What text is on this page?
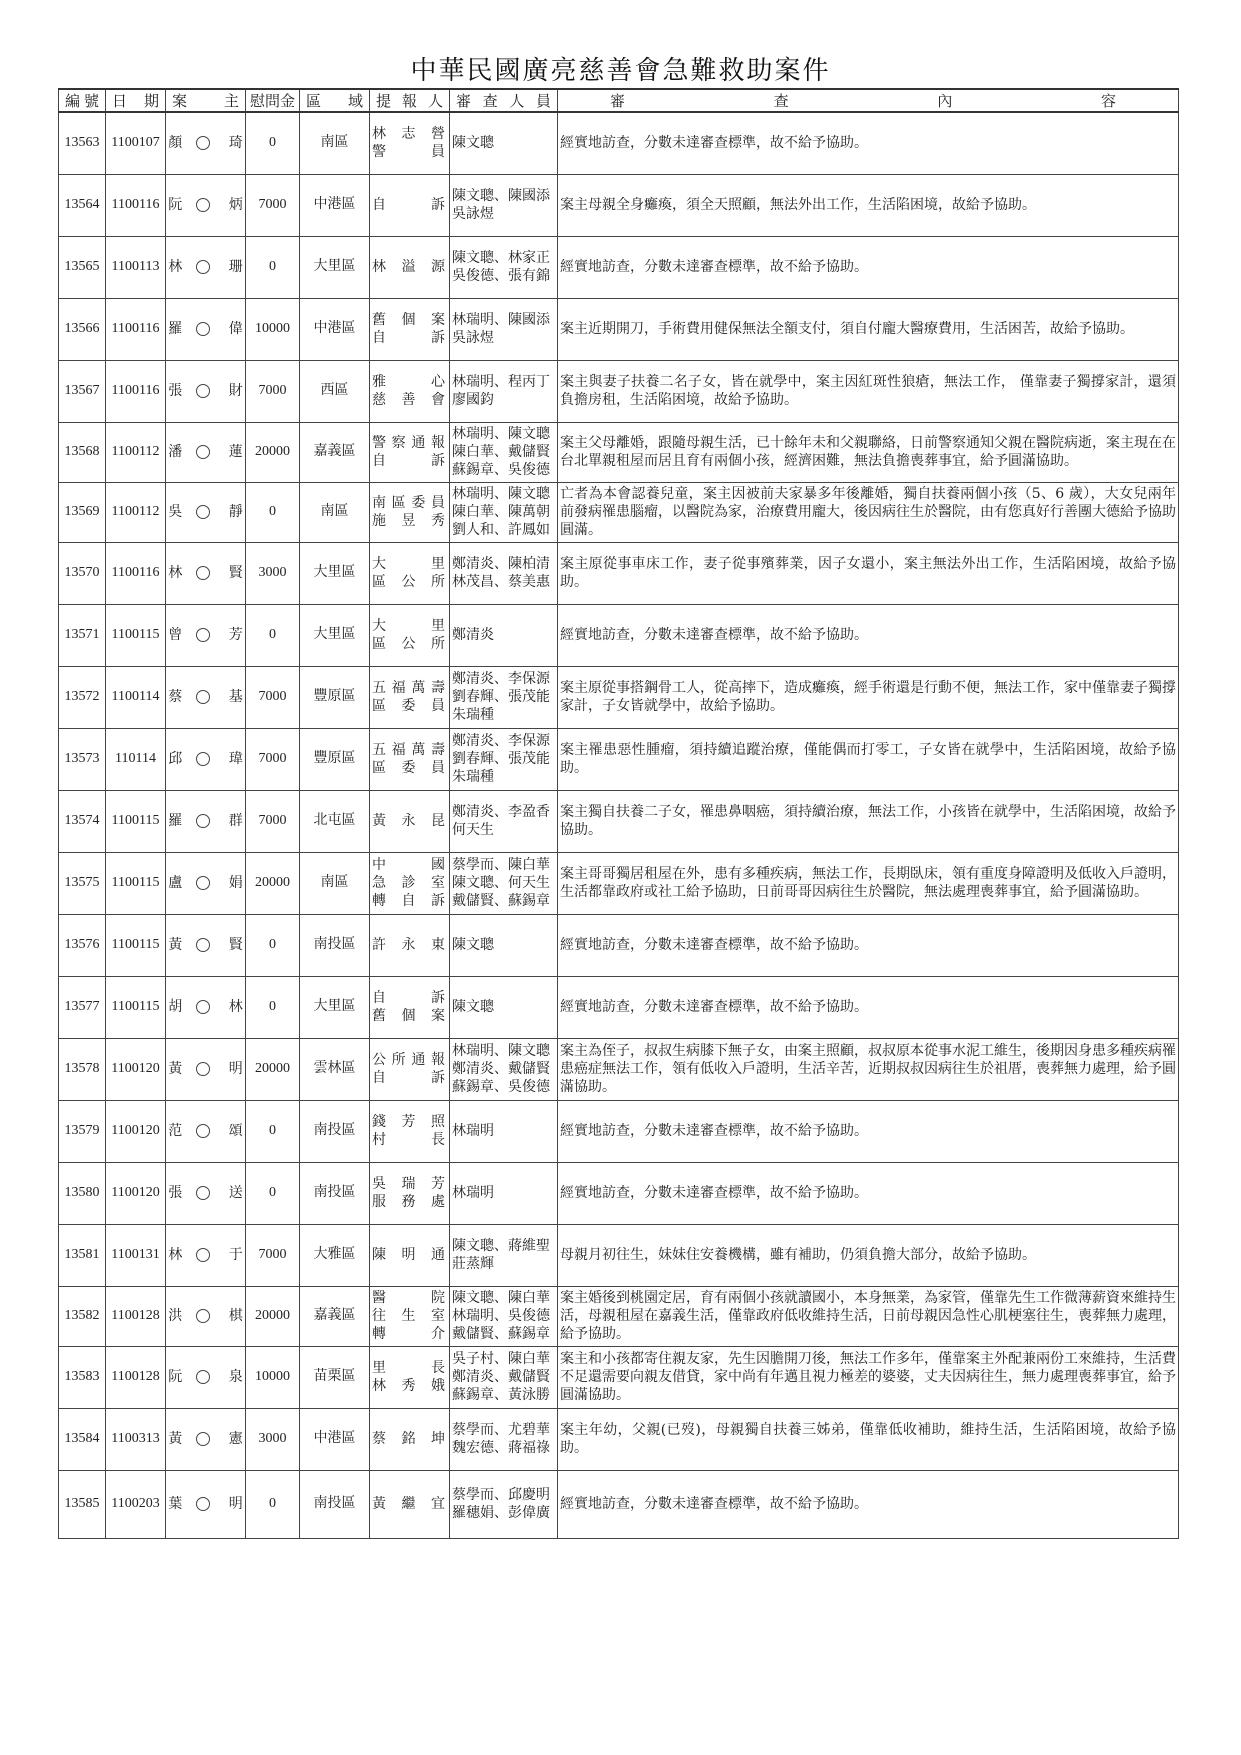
中華民國廣亮慈善會急難救助案件
編 號	日 期	案 主	慰問金	區 域	提 報 人	審 查 人 員	審 查 內 容

13563	1100107	顏 琦	0	南區	林 志 營
警　　員	陳文聰	經實地訪查，分數未達審查標準，故不給予協助。
13564	1100116	阮 炳	7000	中港區	自　　訴	陳文聰、陳國添
吳詠煜	案主母親全身癱瘓，須全天照顧，無法外出工作，生活陷困境，故給予協助。
13565	1100113	林 珊	0	大里區	林 溢 源	陳文聰、林家正
吳俊德、張有錦	經實地訪查，分數未達審查標準，故不給予協助。
13566	1100116	羅 偉	10000	中港區	舊 個 案
自　　訴	林瑞明、陳國添
吳詠煜	案主近期開刀，手術費用健保無法全額支付，須自付龐大醫療費用，生活困苦，故給予協助。
13567	1100116	張 財	7000	西區	雅　　心
慈 善 會	林瑞明、程丙丁
廖國鈞	案主與妻子扶養二名子女，皆在就學中，案主因紅斑性狼瘡，無法工作， 僅靠妻子獨撐家計，還須負擔房租，生活陷困境，故給予協助。
13568	1100112	潘 蓮	20000	嘉義區	警察通報
自　　訴	林瑞明、陳文聰
陳白華、戴儲賢
蘇錫章、吳俊德	案主父母離婚，跟隨母親生活，已十餘年未和父親聯絡，日前警察通知父親在醫院病逝，案主現在在台北單親租屋而居且育有兩個小孩，經濟困難，無法負擔喪葬事宜，給予圓滿協助。
13569	1100112	吳 靜	0	南區	南區委員
施 昱 秀	林瑞明、陳文聰
陳白華、陳萬朝
劉人和、許鳳如	亡者為本會認養兒童，案主因被前夫家暴多年後離婚，獨自扶養兩個小孩（5、6 歲），大女兒兩年前發病罹患腦瘤，以醫院為家，治療費用龐大，後因病往生於醫院，由有您真好行善團大德給予協助圓滿。
13570	1100116	林 賢	3000	大里區	大　　里
區 公 所	鄭清炎、陳柏清
林茂昌、蔡美惠	案主原從事車床工作，妻子從事殯葬業，因子女還小，案主無法外出工作，生活陷困境，故給予協助。
13571	1100115	曾 芳	0	大里區	大　　里
區 公 所	鄭清炎	經實地訪查，分數未達審查標準，故不給予協助。
13572	1100114	蔡 基	7000	豐原區	五福萬壽
區 委 員	鄭清炎、李保源
劉春輝、張茂能
朱瑞種	案主原從事搭鋼骨工人，從高摔下，造成癱瘓，經手術還是行動不便，無法工作，家中僅靠妻子獨撐家計，子女皆就學中，故給予協助。
13573	110114	邱 瑋	7000	豐原區	五福萬壽
區 委 員	鄭清炎、李保源
劉春輝、張茂能
朱瑞種	案主罹患惡性腫瘤，須持續追蹤治療，僅能偶而打零工，子女皆在就學中，生活陷困境，故給予協助。
13574	1100115	羅 群	7000	北屯區	黃 永 昆	鄭清炎、李盈香
何天生	案主獨自扶養二子女，罹患鼻咽癌，須持續治療，無法工作，小孩皆在就學中，生活陷困境，故給予協助。
13575	1100115	盧 娟	20000	南區	中　　國
急 診 室
轉 自 訴	蔡學而、陳白華
陳文聰、何天生
戴儲賢、蘇錫章	案主哥哥獨居租屋在外，患有多種疾病，無法工作，長期臥床，領有重度身障證明及低收入戶證明，生活都靠政府或社工給予協助，日前哥哥因病往生於醫院，無法處理喪葬事宜，給予圓滿協助。
13576	1100115	黃 賢	0	南投區	許 永 東	陳文聰	經實地訪查，分數未達審查標準，故不給予協助。
13577	1100115	胡 林	0	大里區	自　　訴
舊 個 案	陳文聰	經實地訪查，分數未達審查標準，故不給予協助。
13578	1100120	黃 明	20000	雲林區	公所通報
自　　訴	林瑞明、陳文聰
鄭清炎、戴儲賢
蘇錫章、吳俊德	案主為侄子，叔叔生病膝下無子女，由案主照顧，叔叔原本從事水泥工維生，後期因身患多種疾病罹患癌症無法工作，領有低收入戶證明，生活辛苦，近期叔叔因病往生於祖厝，喪葬無力處理，給予圓滿協助。
13579	1100120	范 頌	0	南投區	錢 芳 照
村　　長	林瑞明	經實地訪查，分數未達審查標準，故不給予協助。
13580	1100120	張 送	0	南投區	吳 瑞 芳
服 務 處	林瑞明	經實地訪查，分數未達審查標準，故不給予協助。
13581	1100131	林 于	7000	大雅區	陳 明 通	陳文聰、蔣維聖
莊蒸輝	母親月初往生，妹妹住安養機構，雖有補助，仍須負擔大部分，故給予協助。
13582	1100128	洪 棋	20000	嘉義區	醫　　院
往 生 室
轉　　介	陳文聰、陳白華
林瑞明、吳俊德
戴儲賢、蘇錫章	案主婚後到桃園定居，育有兩個小孩就讀國小，本身無業，為家管，僅靠先生工作微薄薪資來維持生活，母親租屋在嘉義生活，僅靠政府低收維持生活，日前母親因急性心肌梗塞往生，喪葬無力處理，給予協助。
13583	1100128	阮 泉	10000	苗栗區	里　　長
林 秀 娥	吳子村、陳白華
鄭清炎、戴儲賢
蘇錫章、黃泳勝	案主和小孩都寄住親友家，先生因膽開刀後，無法工作多年，僅靠案主外配兼兩份工來維持，生活費不足還需要向親友借貸，家中尚有年邁且視力極差的婆婆，丈夫因病往生，無力處理喪葬事宜，給予圓滿協助。
13584	1100313	黃 憲	3000	中港區	蔡 銘 坤	蔡學而、尤碧華
魏宏德、蔣福祿	案主年幼，父親(已歿)，母親獨自扶養三姊弟，僅靠低收補助，維持生活，生活陷困境，故給予協助。
13585	1100203	葉 明	0	南投區	黃 繼 宜	蔡學而、邱慶明
羅穗娟、彭偉廣	經實地訪查，分數未達審查標準，故不給予協助。
